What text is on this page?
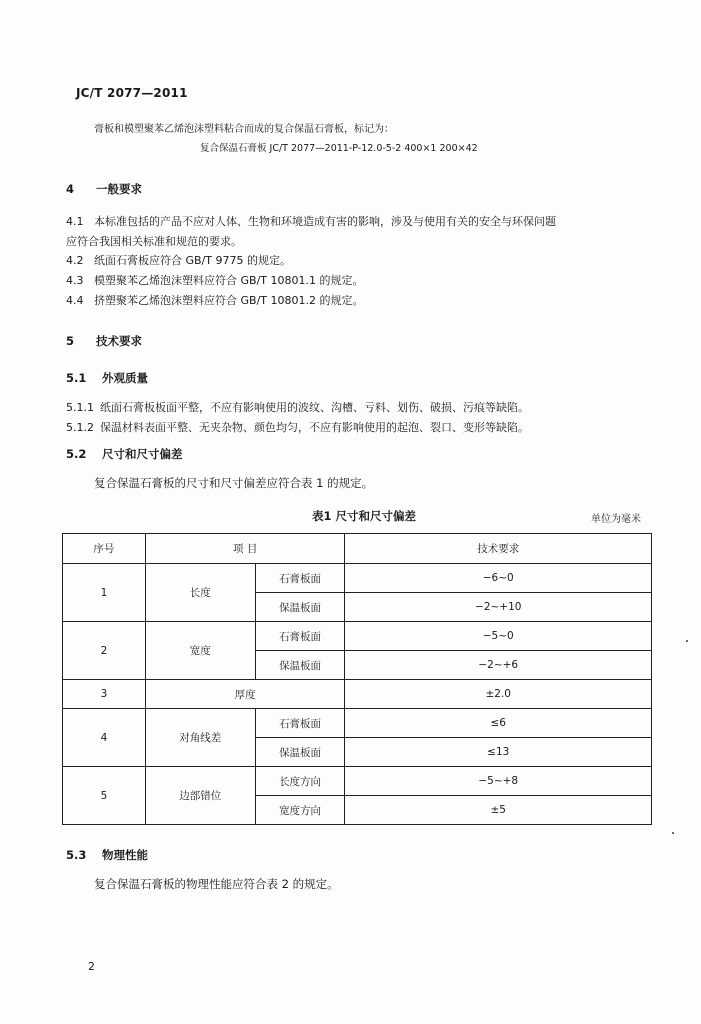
JC/T 2077—2011
膏板和模塑聚苯乙烯泡沫塑料粘合而成的复合保温石膏板，标记为：
复合保温石膏板 JC/T 2077—2011-P-12.0-5-2 400×1 200×42
4 一般要求
4.1 本标准包括的产品不应对人体、生物和环境造成有害的影响，涉及与使用有关的安全与环保问题
应符合我国相关标准和规范的要求。
4.2 纸面石膏板应符合 GB/T 9775 的规定。
4.3 模塑聚苯乙烯泡沫塑料应符合 GB/T 10801.1 的规定。
4.4 挤塑聚苯乙烯泡沫塑料应符合 GB/T 10801.2 的规定。
5 技术要求
5.1 外观质量
5.1.1 纸面石膏板板面平整，不应有影响使用的波纹、沟槽、亏料、划伤、破损、污痕等缺陷。
5.1.2 保温材料表面平整、无夹杂物、颜色均匀，不应有影响使用的起泡、裂口、变形等缺陷。
5.2 尺寸和尺寸偏差
复合保温石膏板的尺寸和尺寸偏差应符合表 1 的规定。
表1 尺寸和尺寸偏差	单位为毫米
序号	项 目		技术要求
1	长度	石膏板面	−6~0
		保温板面	−2~+10
2	宽度	石膏板面	−5~0
		保温板面	−2~+6
3	厚度		±2.0
4	对角线差	石膏板面	≤6
		保温板面	≤13
5	边部错位	长度方向	−5~+8
		宽度方向	±5
5.3 物理性能
复合保温石膏板的物理性能应符合表 2 的规定。
2
